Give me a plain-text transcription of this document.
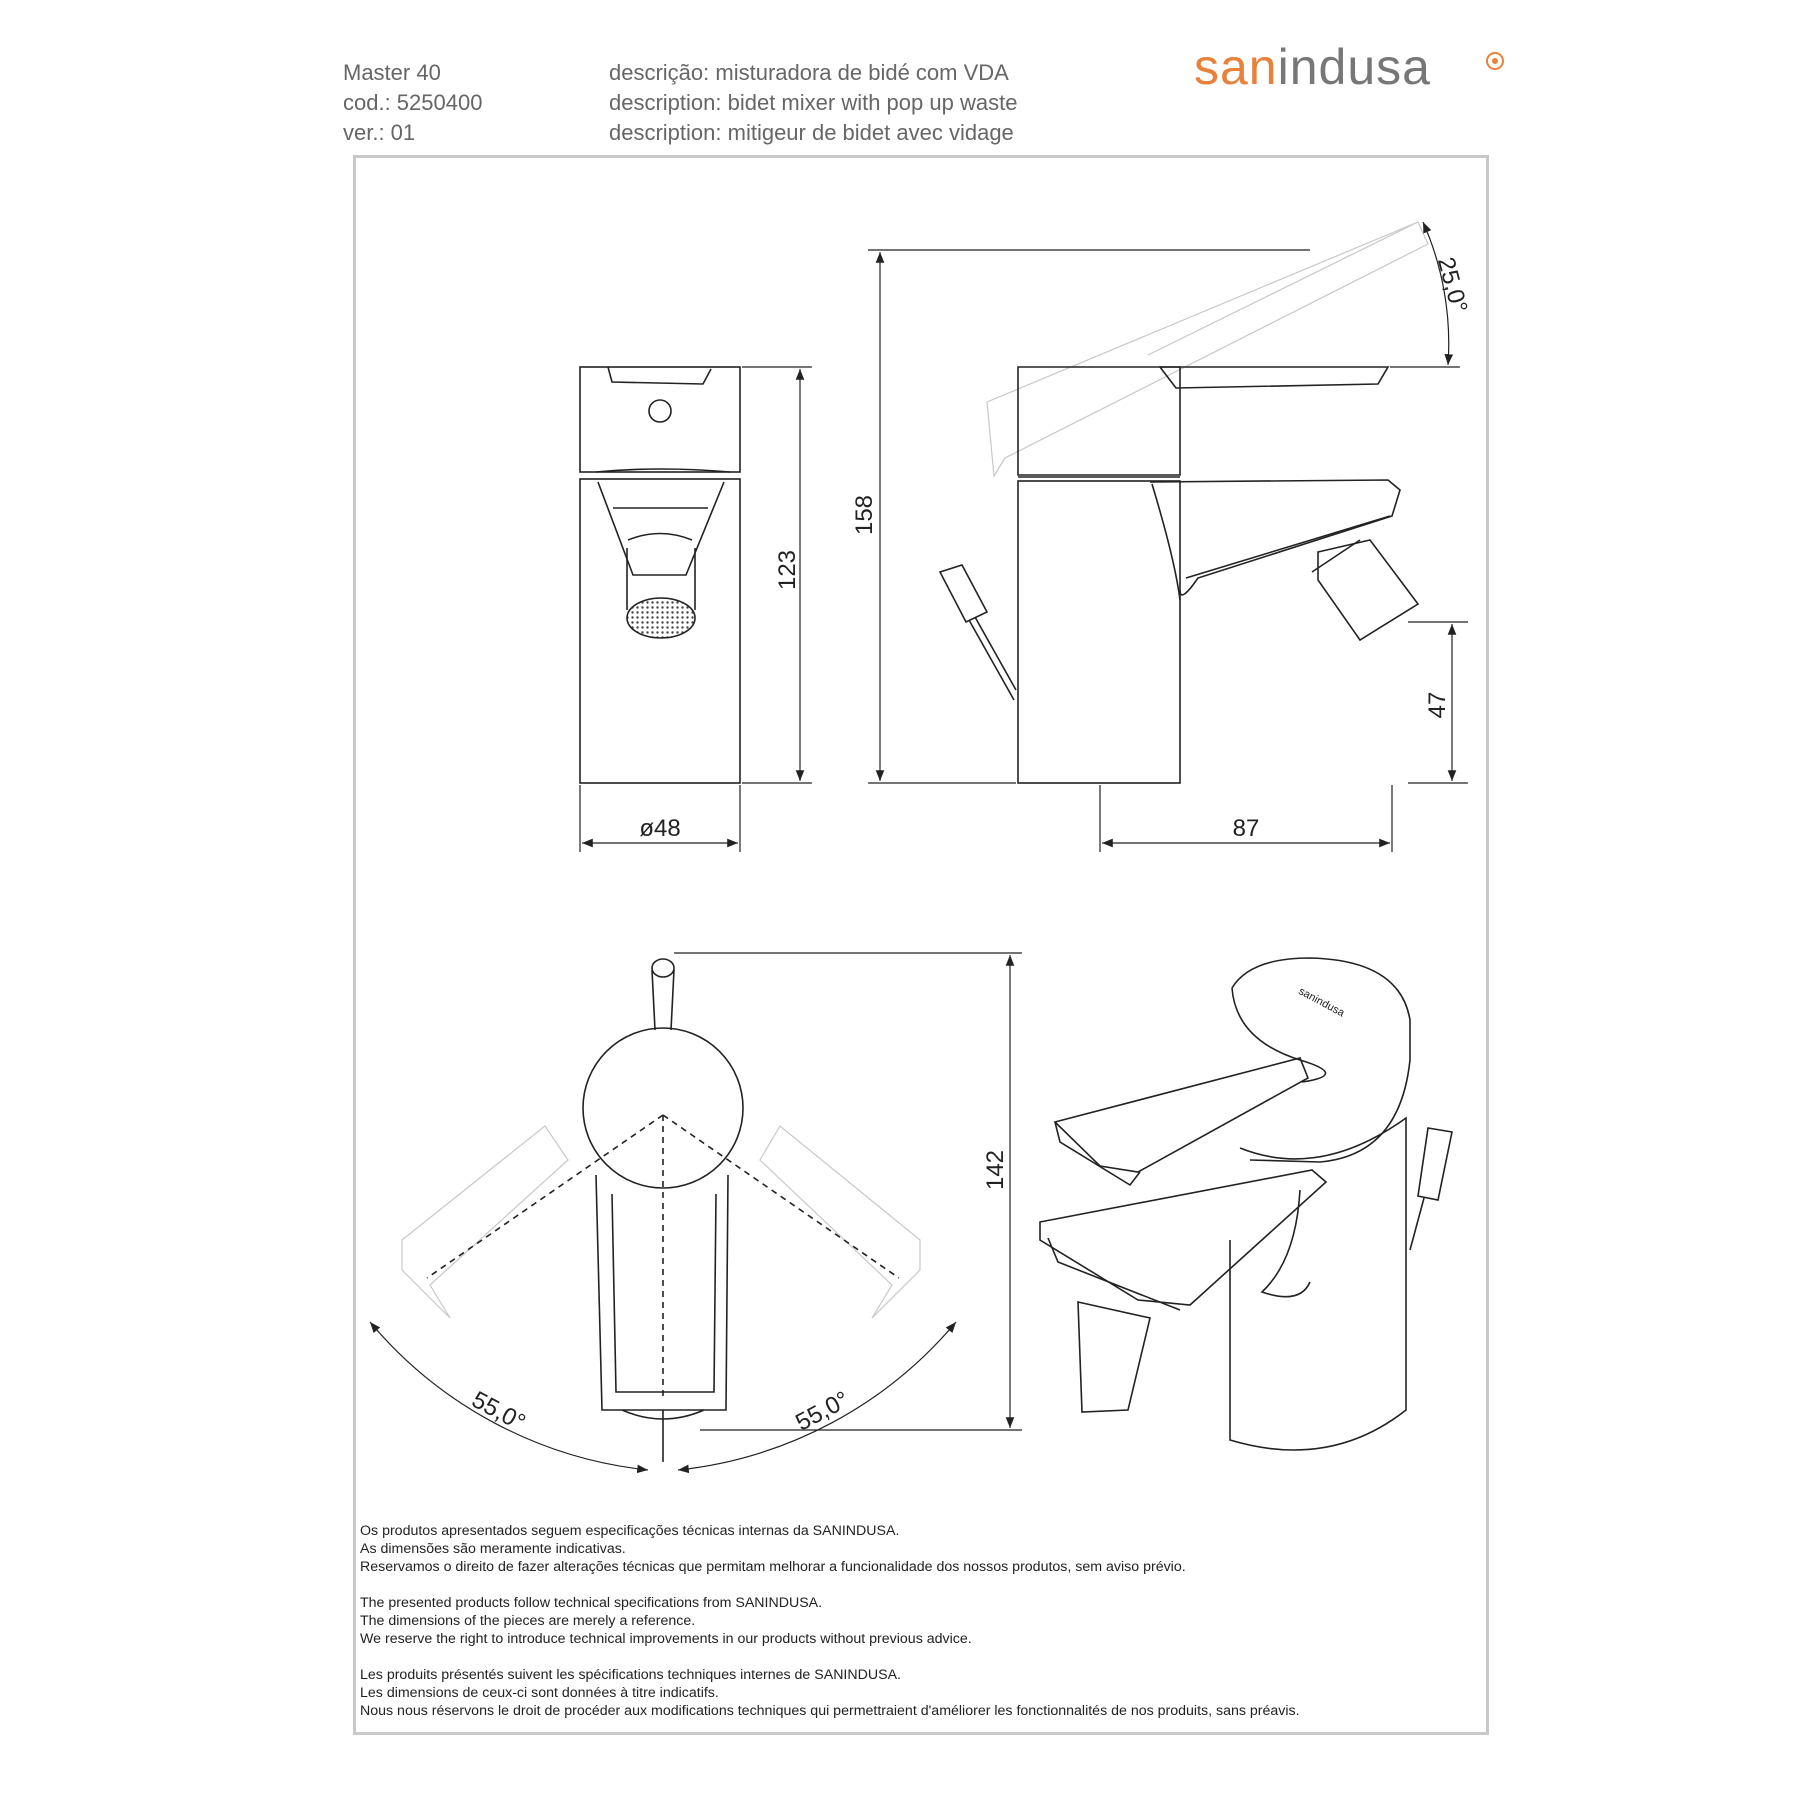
Master 40
cod.: 5250400
ver.: 01
descrição: misturadora de bidé com VDA
description: bidet mixer with pop up waste
description: mitigeur de bidet avec vidage
sanindusa
ø48
123
158
25,0°
47
87
142
55,0°	55,0°
sanindusa
Os produtos apresentados seguem especificações técnicas internas da SANINDUSA.
As dimensões são meramente indicativas.
Reservamos o direito de fazer alterações técnicas que permitam melhorar a funcionalidade dos nossos produtos, sem aviso prévio.
The presented products follow technical specifications from SANINDUSA.
The dimensions of the pieces are merely a reference.
We reserve the right to introduce technical improvements in our products without previous advice.
Les produits présentés suivent les spécifications techniques internes de SANINDUSA.
Les dimensions de ceux-ci sont données à titre indicatifs.
Nous nous réservons le droit de procéder aux modifications techniques qui permettraient d'améliorer les fonctionnalités de nos produits, sans préavis.
